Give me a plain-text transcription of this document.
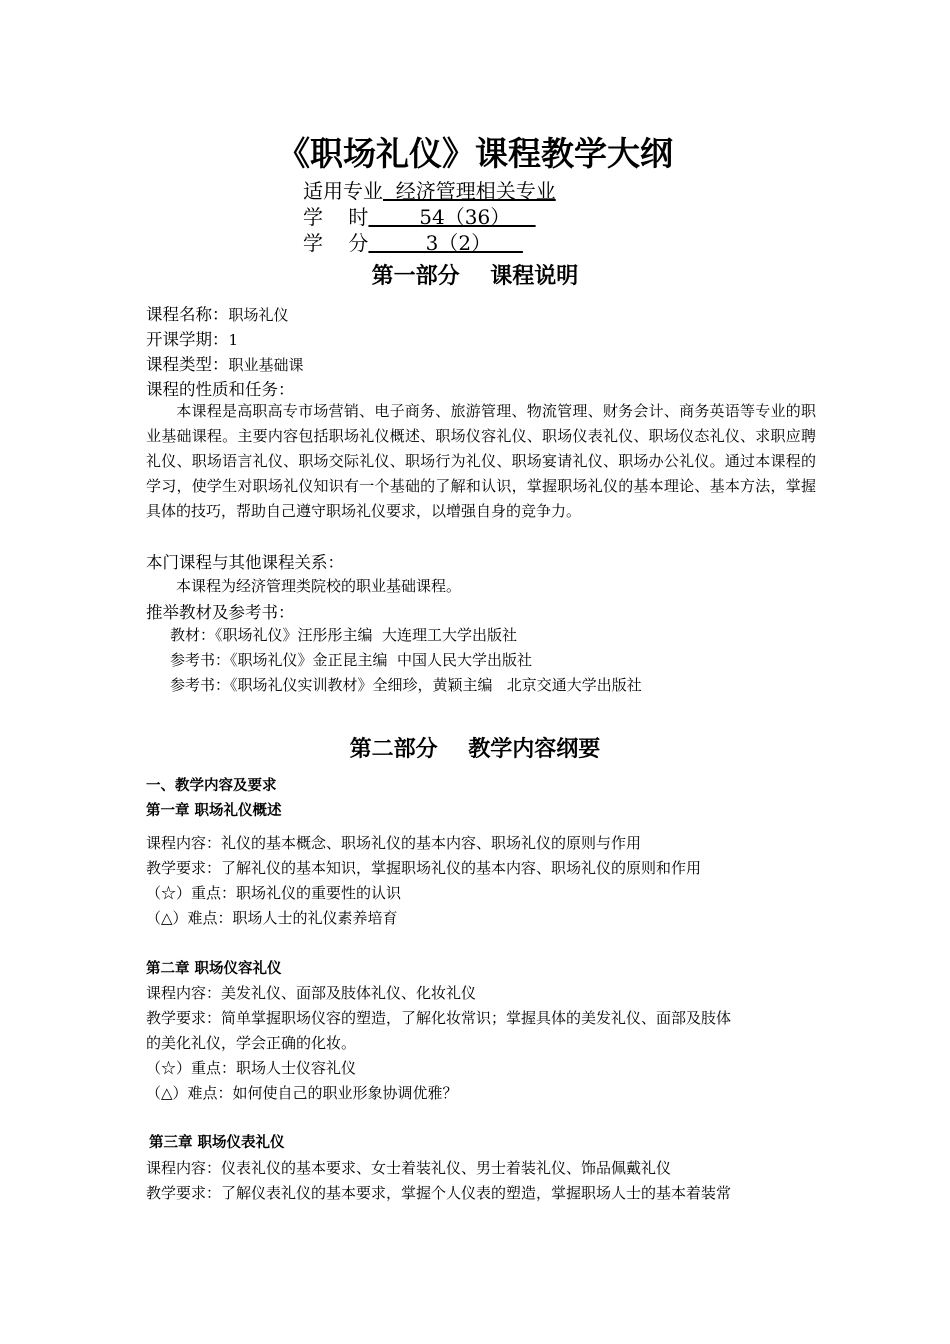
《职场礼仪》课程教学大纲
适用专业  经济管理相关专业
学    时        54（36）
学    分         3（2）
第一部分    课程说明
课程名称：职场礼仪
开课学期：1
课程类型：职业基础课
课程的性质和任务：
本课程是高职高专市场营销、电子商务、旅游管理、物流管理、财务会计、商务英语等专业的职业基础课程。主要内容包括职场礼仪概述、职场仪容礼仪、职场仪表礼仪、职场仪态礼仪、求职应聘礼仪、职场语言礼仪、职场交际礼仪、职场行为礼仪、职场宴请礼仪、职场办公礼仪。通过本课程的学习，使学生对职场礼仪知识有一个基础的了解和认识，掌握职场礼仪的基本理论、基本方法，掌握具体的技巧，帮助自己遵守职场礼仪要求，以增强自身的竞争力。
本门课程与其他课程关系：
本课程为经济管理类院校的职业基础课程。
推举教材及参考书：
教材：《职场礼仪》汪彤彤主编  大连理工大学出版社
参考书：《职场礼仪》金正昆主编  中国人民大学出版社
参考书：《职场礼仪实训教材》全细珍，黄颖主编   北京交通大学出版社
第二部分    教学内容纲要
一、教学内容及要求
第一章 职场礼仪概述
课程内容：礼仪的基本概念、职场礼仪的基本内容、职场礼仪的原则与作用
教学要求：了解礼仪的基本知识，掌握职场礼仪的基本内容、职场礼仪的原则和作用
（☆）重点：职场礼仪的重要性的认识
（△）难点：职场人士的礼仪素养培育
第二章 职场仪容礼仪
课程内容：美发礼仪、面部及肢体礼仪、化妆礼仪
教学要求：简单掌握职场仪容的塑造，了解化妆常识；掌握具体的美发礼仪、面部及肢体
的美化礼仪，学会正确的化妆。
（☆）重点：职场人士仪容礼仪
（△）难点：如何使自己的职业形象协调优雅？
第三章 职场仪表礼仪
课程内容：仪表礼仪的基本要求、女士着装礼仪、男士着装礼仪、饰品佩戴礼仪
教学要求：了解仪表礼仪的基本要求，掌握个人仪表的塑造，掌握职场人士的基本着装常
